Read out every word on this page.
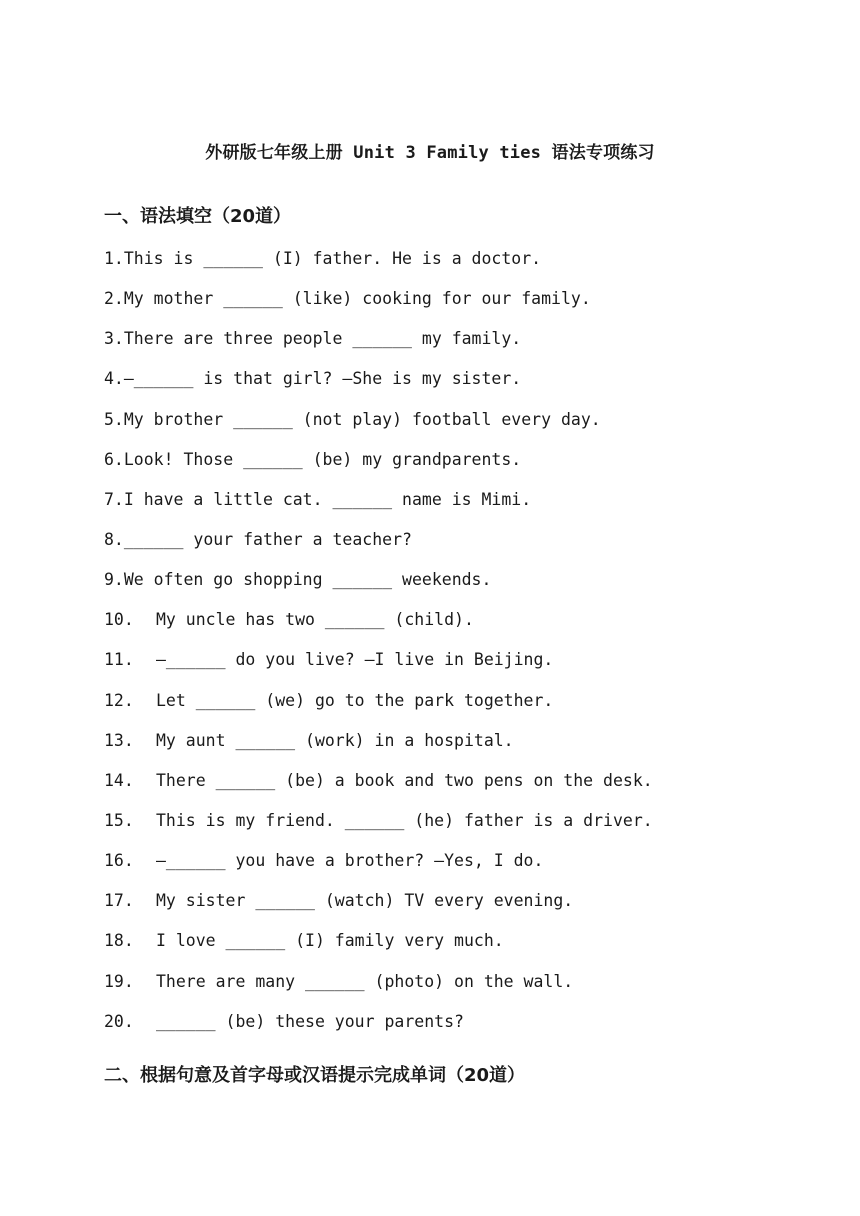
外研版七年级上册 Unit 3 Family ties 语法专项练习
一、语法填空（20道）
1. This is ______ (I) father. He is a doctor.
2. My mother ______ (like) cooking for our family.
3. There are three people ______ my family.
4. —______ is that girl? —She is my sister.
5. My brother ______ (not play) football every day.
6. Look! Those ______ (be) my grandparents.
7. I have a little cat. ______ name is Mimi.
8. ______ your father a teacher?
9. We often go shopping ______ weekends.
10.	My uncle has two ______ (child).
11.	—______ do you live? —I live in Beijing.
12.	Let ______ (we) go to the park together.
13.	My aunt ______ (work) in a hospital.
14.	There ______ (be) a book and two pens on the desk.
15.	This is my friend. ______ (he) father is a driver.
16.	—______ you have a brother? —Yes, I do.
17.	My sister ______ (watch) TV every evening.
18.	I love ______ (I) family very much.
19.	There are many ______ (photo) on the wall.
20.	______ (be) these your parents?
二、根据句意及首字母或汉语提示完成单词（20道）
